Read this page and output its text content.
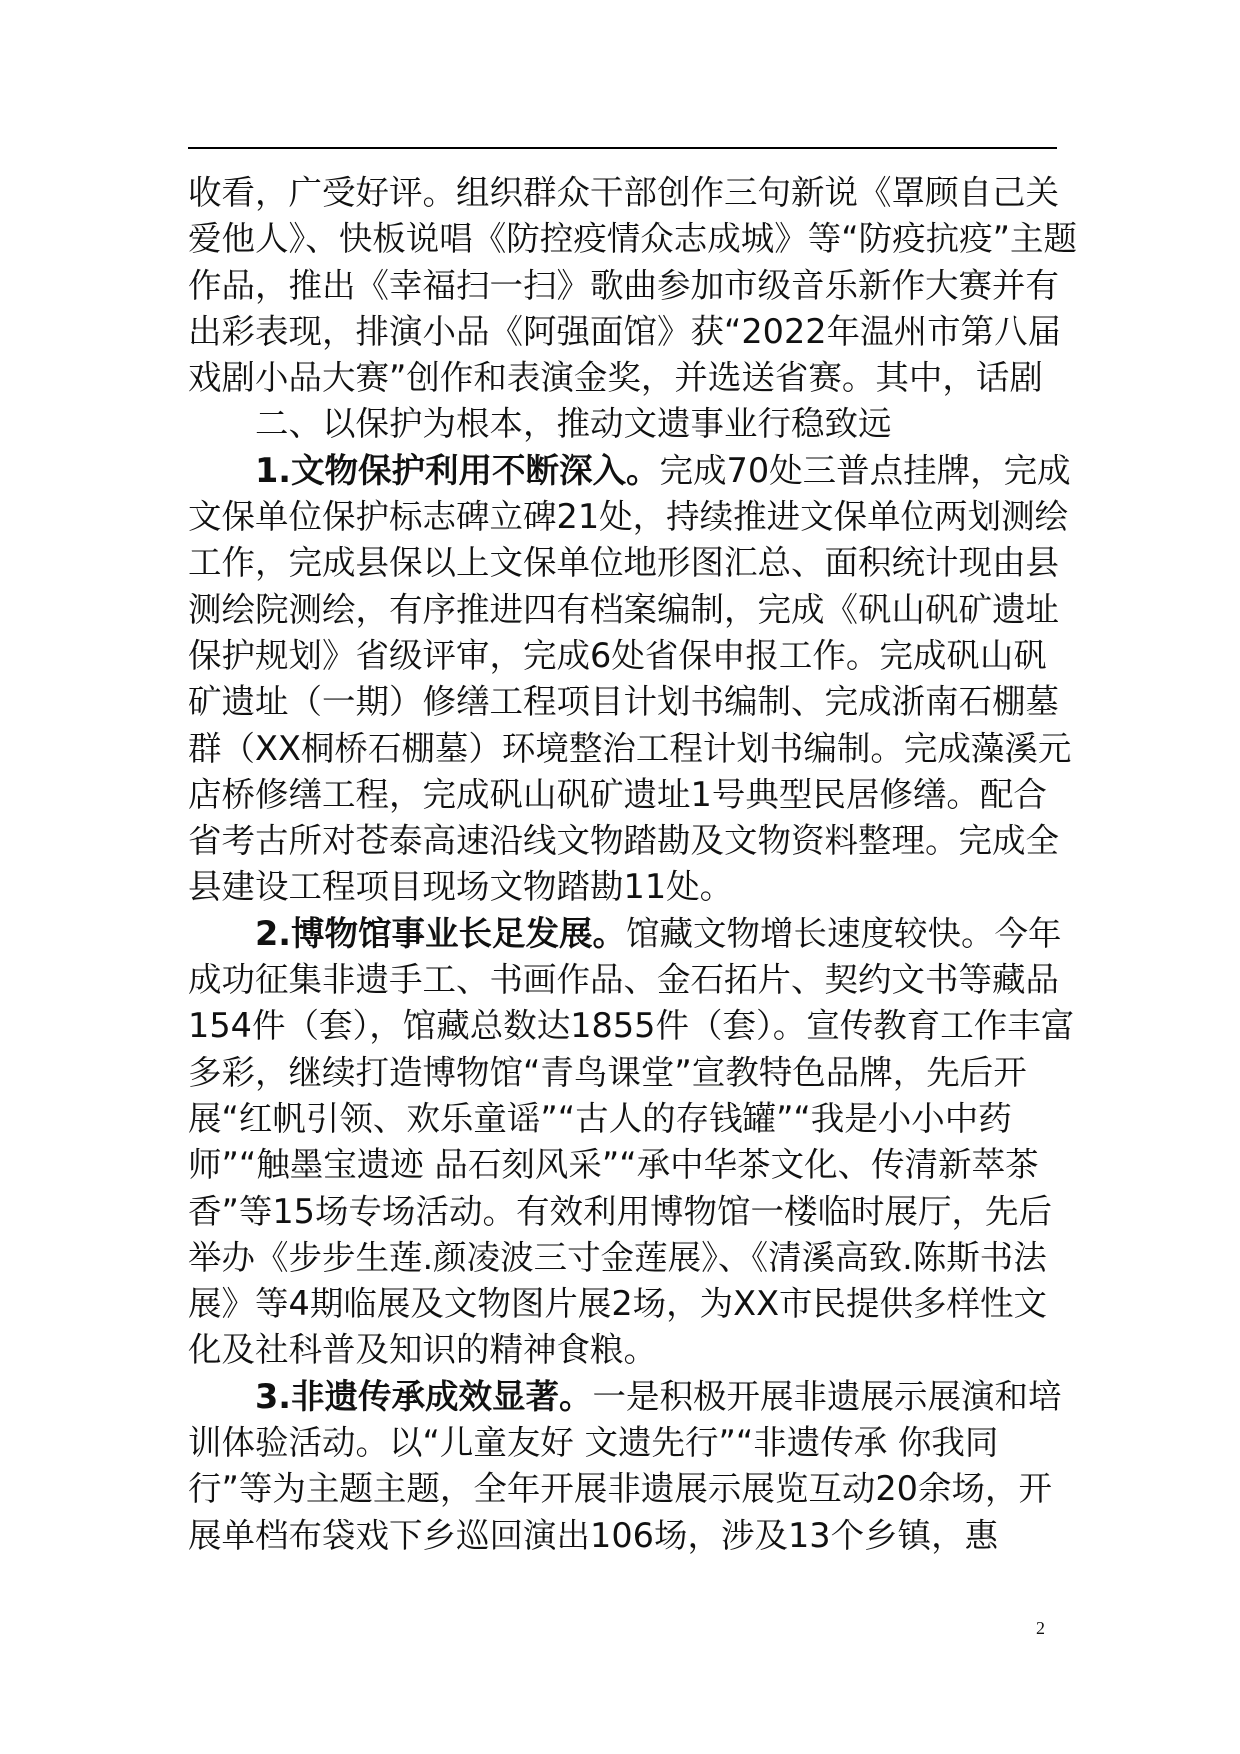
收看，广受好评。组织群众干部创作三句新说《罩顾自己关爱他人》、快板说唱《防控疫情众志成城》等“防疫抗疫”主题作品，推出《幸福扫一扫》歌曲参加市级音乐新作大赛并有出彩表现，排演小品《阿强面馆》获“2022年温州市第八届戏剧小品大赛”创作和表演金奖，并选送省赛。其中，话剧

二、以保护为根本，推动文遗事业行稳致远

1.文物保护利用不断深入。完成70处三普点挂牌，完成文保单位保护标志碑立碑21处，持续推进文保单位两划测绘工作，完成县保以上文保单位地形图汇总、面积统计现由县测绘院测绘，有序推进四有档案编制，完成《矾山矾矿遗址保护规划》省级评审，完成6处省保申报工作。完成矾山矾矿遗址（一期）修缮工程项目计划书编制、完成浙南石棚墓群（XX桐桥石棚墓）环境整治工程计划书编制。完成藻溪元店桥修缮工程，完成矾山矾矿遗址1号典型民居修缮。配合省考古所对苍泰高速沿线文物踏勘及文物资料整理。完成全县建设工程项目现场文物踏勘11处。

2.博物馆事业长足发展。馆藏文物增长速度较快。今年成功征集非遗手工、书画作品、金石拓片、契约文书等藏品154件（套），馆藏总数达1855件（套）。宣传教育工作丰富多彩，继续打造博物馆“青鸟课堂”宣教特色品牌，先后开展“红帆引领、欢乐童谣”“古人的存钱罐”“我是小小中药师”“触墨宝遗迹 品石刻风采”“承中华茶文化、传清新萃茶香”等15场专场活动。有效利用博物馆一楼临时展厅，先后举办《步步生莲.颜凌波三寸金莲展》、《清溪高致.陈斯书法展》等4期临展及文物图片展2场，为XX市民提供多样性文化及社科普及知识的精神食粮。

3.非遗传承成效显著。一是积极开展非遗展示展演和培训体验活动。以“儿童友好 文遗先行”“非遗传承 你我同行”等为主题主题，全年开展非遗展示展览互动20余场，开展单档布袋戏下乡巡回演出106场，涉及13个乡镇，惠

2
